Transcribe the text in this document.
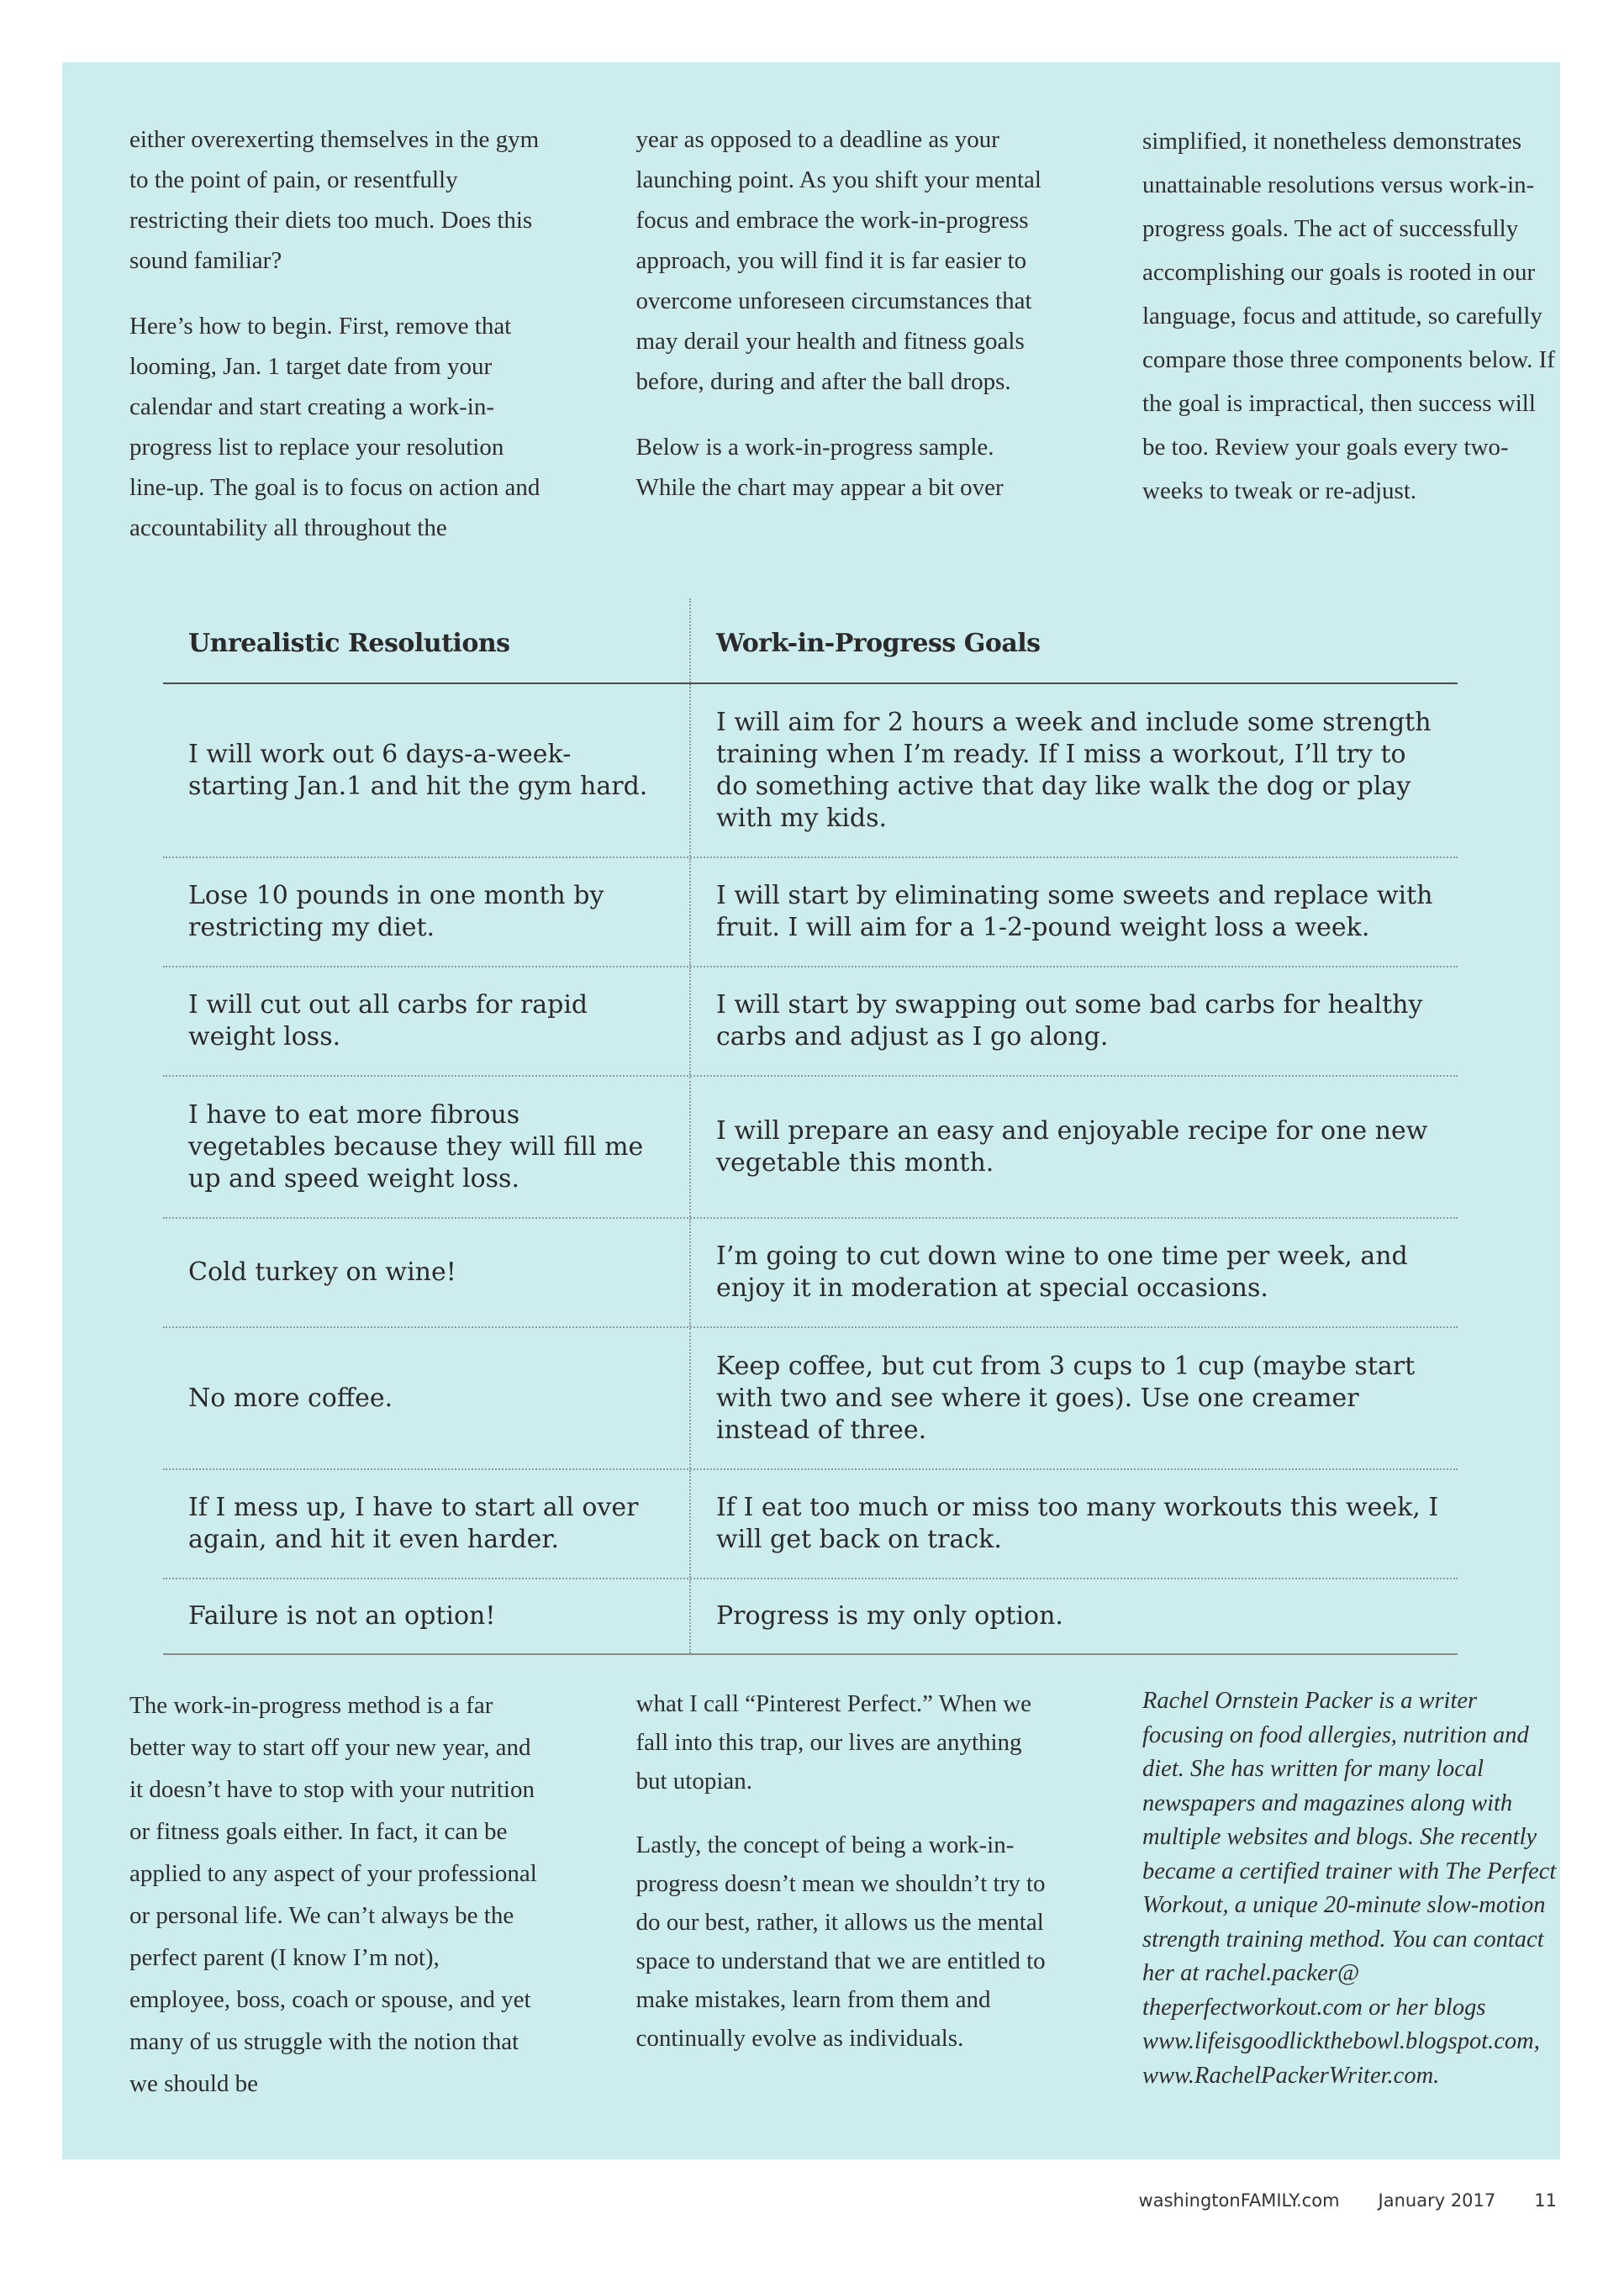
either overexerting themselves in the gym to the point of pain, or resentfully restricting their diets too much. Does this sound familiar?

Here’s how to begin. First, remove that looming, Jan. 1 target date from your calendar and start creating a work-in-progress list to replace your resolution line-up. The goal is to focus on action and accountability all throughout the

year as opposed to a deadline as your launching point. As you shift your mental focus and embrace the work-in-progress approach, you will find it is far easier to overcome unforeseen circumstances that may derail your health and fitness goals before, during and after the ball drops.

Below is a work-in-progress sample. While the chart may appear a bit over

simplified, it nonetheless demonstrates unattainable resolutions versus work-in-progress goals. The act of successfully accomplishing our goals is rooted in our language, focus and attitude, so carefully compare those three components below. If the goal is impractical, then success will be too. Review your goals every two-weeks to tweak or re-adjust.

Unrealistic Resolutions	Work-in-Progress Goals
I will work out 6 days-a-week-starting Jan.1 and hit the gym hard.
I will aim for 2 hours a week and include some strength training when I’m ready. If I miss a workout, I’ll try to do something active that day like walk the dog or play with my kids.
Lose 10 pounds in one month by restricting my diet.
I will start by eliminating some sweets and replace with fruit. I will aim for a 1-2-pound weight loss a week.
I will cut out all carbs for rapid weight loss.
I will start by swapping out some bad carbs for healthy carbs and adjust as I go along.
I have to eat more fibrous vegetables because they will fill me up and speed weight loss.
I will prepare an easy and enjoyable recipe for one new vegetable this month.
Cold turkey on wine!
I’m going to cut down wine to one time per week, and enjoy it in moderation at special occasions.
No more coffee.
Keep coffee, but cut from 3 cups to 1 cup (maybe start with two and see where it goes). Use one creamer instead of three.
If I mess up, I have to start all over again, and hit it even harder.
If I eat too much or miss too many workouts this week, I will get back on track.
Failure is not an option!	Progress is my only option.

The work-in-progress method is a far better way to start off your new year, and it doesn’t have to stop with your nutrition or fitness goals either. In fact, it can be applied to any aspect of your professional or personal life. We can’t always be the perfect parent (I know I’m not), employee, boss, coach or spouse, and yet many of us struggle with the notion that we should be

what I call “Pinterest Perfect.” When we fall into this trap, our lives are anything but utopian.

Lastly, the concept of being a work-in-progress doesn’t mean we shouldn’t try to do our best, rather, it allows us the mental space to understand that we are entitled to make mistakes, learn from them and continually evolve as individuals.

Rachel Ornstein Packer is a writer focusing on food allergies, nutrition and diet. She has written for many local newspapers and magazines along with multiple websites and blogs. She recently became a certified trainer with The Perfect Workout, a unique 20-minute slow-motion strength training method. You can contact her at rachel.packer@ theperfectworkout.com or her blogs www.lifeisgoodlickthebowl.blogspot.com, www.RachelPackerWriter.com.

washingtonFAMILY.com January 2017 11
